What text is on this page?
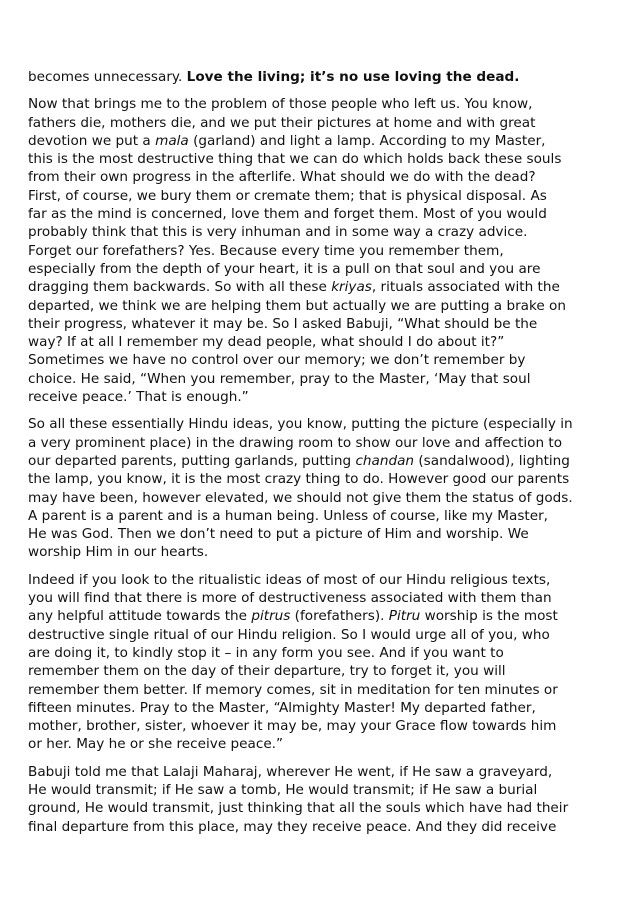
becomes unnecessary. Love the living; it’s no use loving the dead.

Now that brings me to the problem of those people who left us. You know,
fathers die, mothers die, and we put their pictures at home and with great
devotion we put a mala (garland) and light a lamp. According to my Master,
this is the most destructive thing that we can do which holds back these souls
from their own progress in the afterlife. What should we do with the dead?
First, of course, we bury them or cremate them; that is physical disposal. As
far as the mind is concerned, love them and forget them. Most of you would
probably think that this is very inhuman and in some way a crazy advice.
Forget our forefathers? Yes. Because every time you remember them,
especially from the depth of your heart, it is a pull on that soul and you are
dragging them backwards. So with all these kriyas, rituals associated with the
departed, we think we are helping them but actually we are putting a brake on
their progress, whatever it may be. So I asked Babuji, “What should be the
way? If at all I remember my dead people, what should I do about it?”
Sometimes we have no control over our memory; we don’t remember by
choice. He said, “When you remember, pray to the Master, ‘May that soul
receive peace.’ That is enough.”

So all these essentially Hindu ideas, you know, putting the picture (especially in
a very prominent place) in the drawing room to show our love and affection to
our departed parents, putting garlands, putting chandan (sandalwood), lighting
the lamp, you know, it is the most crazy thing to do. However good our parents
may have been, however elevated, we should not give them the status of gods.
A parent is a parent and is a human being. Unless of course, like my Master,
He was God. Then we don’t need to put a picture of Him and worship. We
worship Him in our hearts.

Indeed if you look to the ritualistic ideas of most of our Hindu religious texts,
you will find that there is more of destructiveness associated with them than
any helpful attitude towards the pitrus (forefathers). Pitru worship is the most
destructive single ritual of our Hindu religion. So I would urge all of you, who
are doing it, to kindly stop it – in any form you see. And if you want to
remember them on the day of their departure, try to forget it, you will
remember them better. If memory comes, sit in meditation for ten minutes or
fifteen minutes. Pray to the Master, “Almighty Master! My departed father,
mother, brother, sister, whoever it may be, may your Grace flow towards him
or her. May he or she receive peace.”

Babuji told me that Lalaji Maharaj, wherever He went, if He saw a graveyard,
He would transmit; if He saw a tomb, He would transmit; if He saw a burial
ground, He would transmit, just thinking that all the souls which have had their
final departure from this place, may they receive peace. And they did receive
